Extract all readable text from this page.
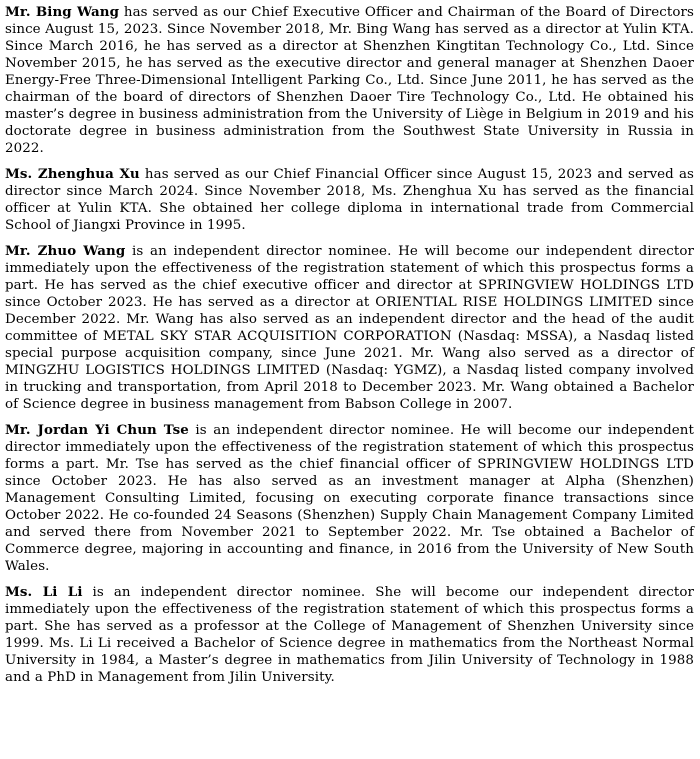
Mr. Bing Wang has served as our Chief Executive Officer and Chairman of the Board of Directors since August 15, 2023. Since November 2018, Mr. Bing Wang has served as a director at Yulin KTA. Since March 2016, he has served as a director at Shenzhen Kingtitan Technology Co., Ltd. Since November 2015, he has served as the executive director and general manager at Shenzhen Daoer Energy-Free Three-Dimensional Intelligent Parking Co., Ltd. Since June 2011, he has served as the chairman of the board of directors of Shenzhen Daoer Tire Technology Co., Ltd. He obtained his master’s degree in business administration from the University of Liège in Belgium in 2019 and his doctorate degree in business administration from the Southwest State University in Russia in 2022.

Ms. Zhenghua Xu has served as our Chief Financial Officer since August 15, 2023 and served as director since March 2024. Since November 2018, Ms. Zhenghua Xu has served as the financial officer at Yulin KTA. She obtained her college diploma in international trade from Commercial School of Jiangxi Province in 1995.

Mr. Zhuo Wang is an independent director nominee. He will become our independent director immediately upon the effectiveness of the registration statement of which this prospectus forms a part. He has served as the chief executive officer and director at SPRINGVIEW HOLDINGS LTD since October 2023. He has served as a director at ORIENTIAL RISE HOLDINGS LIMITED since December 2022. Mr. Wang has also served as an independent director and the head of the audit committee of METAL SKY STAR ACQUISITION CORPORATION (Nasdaq: MSSA), a Nasdaq listed special purpose acquisition company, since June 2021. Mr. Wang also served as a director of MINGZHU LOGISTICS HOLDINGS LIMITED (Nasdaq: YGMZ), a Nasdaq listed company involved in trucking and transportation, from April 2018 to December 2023. Mr. Wang obtained a Bachelor of Science degree in business management from Babson College in 2007.

Mr. Jordan Yi Chun Tse is an independent director nominee. He will become our independent director immediately upon the effectiveness of the registration statement of which this prospectus forms a part. Mr. Tse has served as the chief financial officer of SPRINGVIEW HOLDINGS LTD since October 2023. He has also served as an investment manager at Alpha (Shenzhen) Management Consulting Limited, focusing on executing corporate finance transactions since October 2022. He co-founded 24 Seasons (Shenzhen) Supply Chain Management Company Limited and served there from November 2021 to September 2022. Mr. Tse obtained a Bachelor of Commerce degree, majoring in accounting and finance, in 2016 from the University of New South Wales.

Ms. Li Li is an independent director nominee. She will become our independent director immediately upon the effectiveness of the registration statement of which this prospectus forms a part. She has served as a professor at the College of Management of Shenzhen University since 1999. Ms. Li Li received a Bachelor of Science degree in mathematics from the Northeast Normal University in 1984, a Master’s degree in mathematics from Jilin University of Technology in 1988 and a PhD in Management from Jilin University.
